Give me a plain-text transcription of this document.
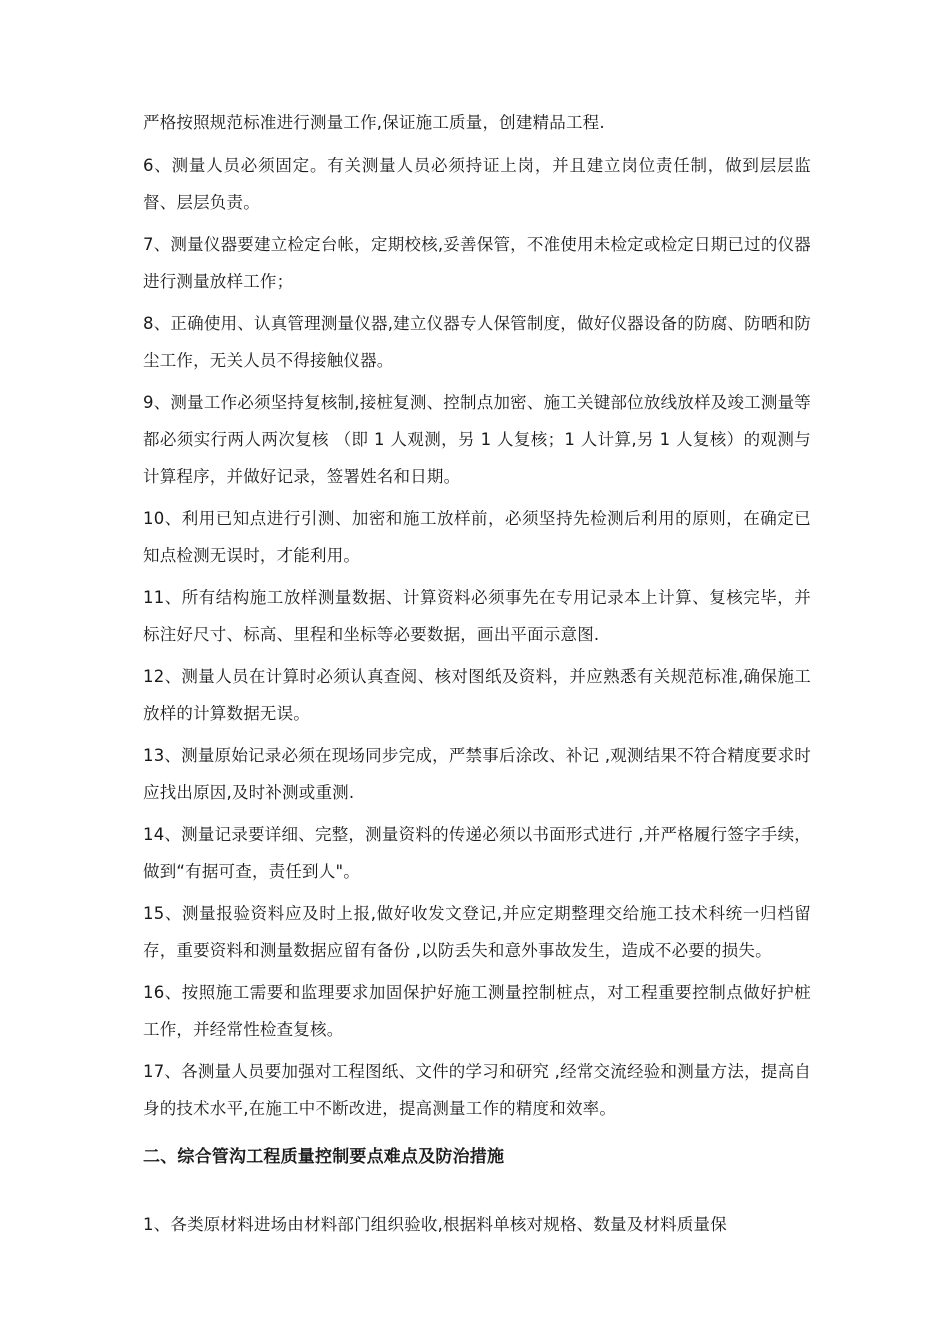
严格按照规范标准进行测量工作,保证施工质量，创建精品工程.

6、测量人员必须固定。有关测量人员必须持证上岗，并且建立岗位责任制，做到层层监督、层层负责。

7、测量仪器要建立检定台帐，定期校核,妥善保管，不准使用未检定或检定日期已过的仪器进行测量放样工作；

8、正确使用、认真管理测量仪器,建立仪器专人保管制度，做好仪器设备的防腐、防晒和防尘工作，无关人员不得接触仪器。

9、测量工作必须坚持复核制,接桩复测、控制点加密、施工关键部位放线放样及竣工测量等都必须实行两人两次复核 （即 1 人观测，另 1 人复核；1 人计算,另 1 人复核）的观测与计算程序，并做好记录，签署姓名和日期。

10、利用已知点进行引测、加密和施工放样前，必须坚持先检测后利用的原则，在确定已知点检测无误时，才能利用。

11、所有结构施工放样测量数据、计算资料必须事先在专用记录本上计算、复核完毕，并标注好尺寸、标高、里程和坐标等必要数据，画出平面示意图.

12、测量人员在计算时必须认真查阅、核对图纸及资料，并应熟悉有关规范标准,确保施工放样的计算数据无误。

13、测量原始记录必须在现场同步完成，严禁事后涂改、补记 ,观测结果不符合精度要求时应找出原因,及时补测或重测.

14、测量记录要详细、完整，测量资料的传递必须以书面形式进行 ,并严格履行签字手续，做到“有据可查，责任到人"。

15、测量报验资料应及时上报,做好收发文登记,并应定期整理交给施工技术科统一归档留存，重要资料和测量数据应留有备份 ,以防丢失和意外事故发生，造成不必要的损失。

16、按照施工需要和监理要求加固保护好施工测量控制桩点，对工程重要控制点做好护桩工作，并经常性检查复核。

17、各测量人员要加强对工程图纸、文件的学习和研究 ,经常交流经验和测量方法，提高自身的技术水平,在施工中不断改进，提高测量工作的精度和效率。

二、综合管沟工程质量控制要点难点及防治措施

1、各类原材料进场由材料部门组织验收,根据料单核对规格、数量及材料质量保
